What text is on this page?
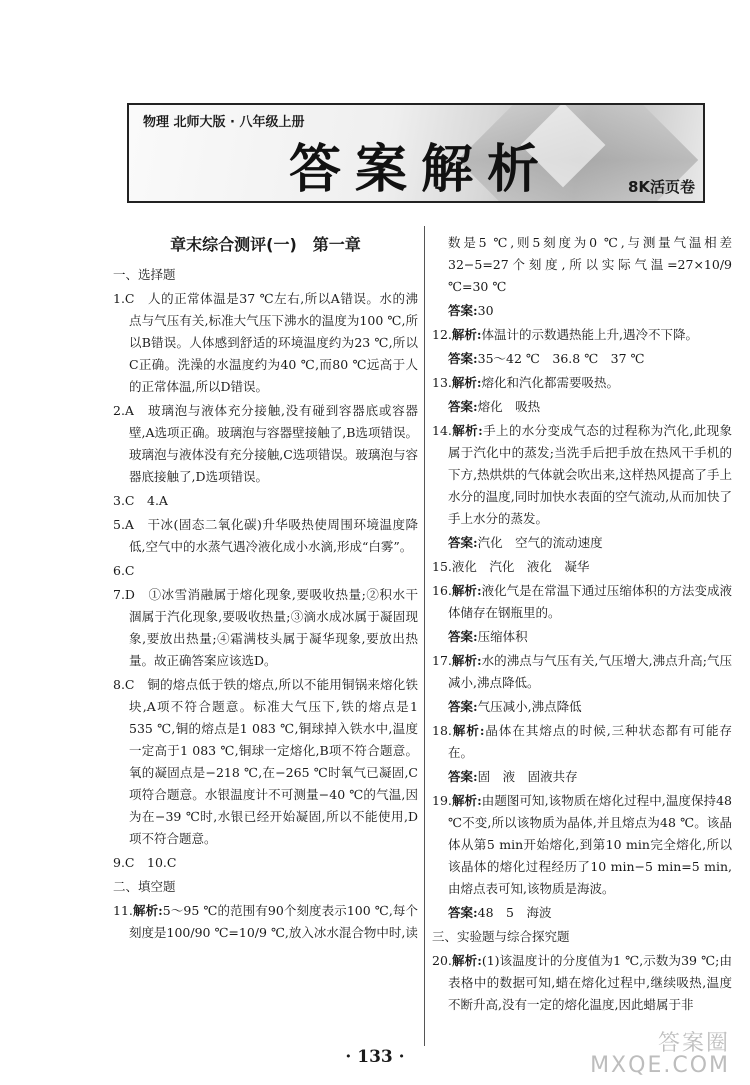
物理 北师大版 · 八年级上册
答案解析	8K活页卷
章末综合测评(一)　第一章

一、选择题

1.C　人的正常体温是37 ℃左右,所以A错误。水的沸点与气压有关,标准大气压下沸水的温度为100 ℃,所以B错误。人体感到舒适的环境温度约为23 ℃,所以C正确。洗澡的水温度约为40 ℃,而80 ℃远高于人的正常体温,所以D错误。

2.A　玻璃泡与液体充分接触,没有碰到容器底或容器壁,A选项正确。玻璃泡与容器壁接触了,B选项错误。玻璃泡与液体没有充分接触,C选项错误。玻璃泡与容器底接触了,D选项错误。

3.C　4.A

5.A　干冰(固态二氧化碳)升华吸热使周围环境温度降低,空气中的水蒸气遇冷液化成小水滴,形成“白雾”。

6.C

7.D　①冰雪消融属于熔化现象,要吸收热量;②积水干涸属于汽化现象,要吸收热量;③滴水成冰属于凝固现象,要放出热量;④霜满枝头属于凝华现象,要放出热量。故正确答案应该选D。

8.C　铜的熔点低于铁的熔点,所以不能用铜锅来熔化铁块,A项不符合题意。标准大气压下,铁的熔点是1 535 ℃,铜的熔点是1 083 ℃,铜球掉入铁水中,温度一定高于1 083 ℃,铜球一定熔化,B项不符合题意。氧的凝固点是−218 ℃,在−265 ℃时氧气已凝固,C项符合题意。水银温度计不可测量−40 ℃的气温,因为在−39 ℃时,水银已经开始凝固,所以不能使用,D项不符合题意。

9.C　10.C

二、填空题

11.解析:5～95 ℃的范围有90个刻度表示100 ℃,每个刻度是100/90 ℃=10/9 ℃,放入冰水混合物中时,读

数是5 ℃,则5刻度为0 ℃,与测量气温相差32−5=27个刻度,所以实际气温=27×10/9 ℃=30 ℃

答案:30

12.解析:体温计的示数遇热能上升,遇冷不下降。

答案:35～42 ℃　36.8 ℃　37 ℃

13.解析:熔化和汽化都需要吸热。

答案:熔化　吸热

14.解析:手上的水分变成气态的过程称为汽化,此现象属于汽化中的蒸发;当洗手后把手放在热风干手机的下方,热烘烘的气体就会吹出来,这样热风提高了手上水分的温度,同时加快水表面的空气流动,从而加快了手上水分的蒸发。

答案:汽化　空气的流动速度

15.液化　汽化　液化　凝华

16.解析:液化气是在常温下通过压缩体积的方法变成液体储存在钢瓶里的。

答案:压缩体积

17.解析:水的沸点与气压有关,气压增大,沸点升高;气压减小,沸点降低。

答案:气压减小,沸点降低

18.解析:晶体在其熔点的时候,三种状态都有可能存在。

答案:固　液　固液共存

19.解析:由题图可知,该物质在熔化过程中,温度保持48 ℃不变,所以该物质为晶体,并且熔点为48 ℃。该晶体从第5 min开始熔化,到第10 min完全熔化,所以该晶体的熔化过程经历了10 min−5 min=5 min,由熔点表可知,该物质是海波。

答案:48　5　海波

三、实验题与综合探究题

20.解析:(1)该温度计的分度值为1 ℃,示数为39 ℃;由表格中的数据可知,蜡在熔化过程中,继续吸热,温度不断升高,没有一定的熔化温度,因此蜡属于非

· 133 ·
答案圈
MXQE.COM
